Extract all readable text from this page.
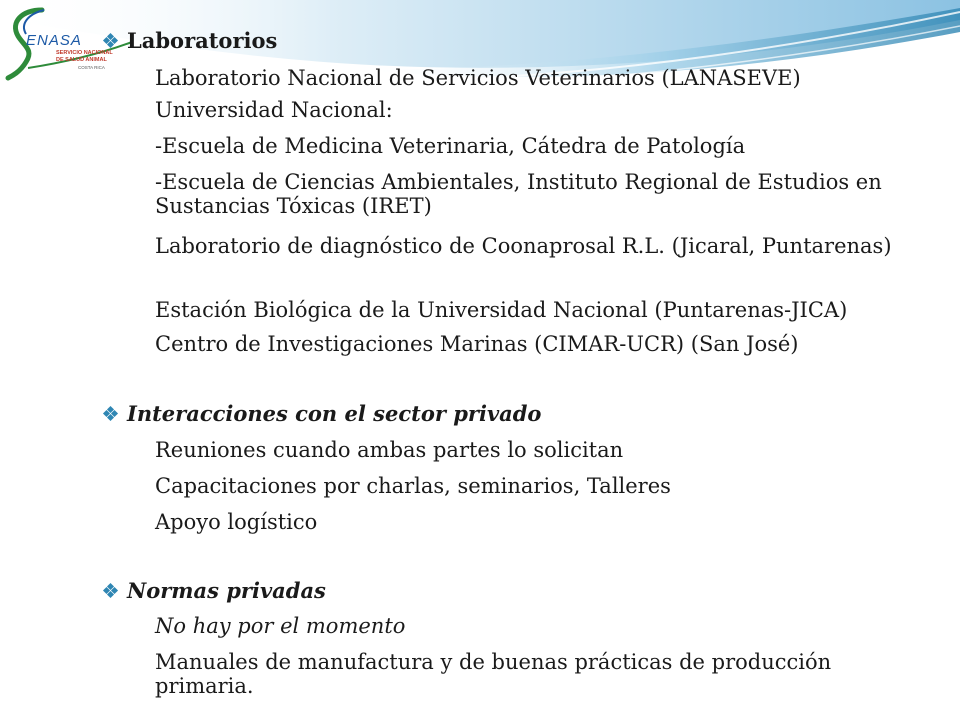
ENASA
SERVICIO NACIONAL
DE SALUD ANIMAL
COSTA RICA
Laboratorios
Laboratorio Nacional de Servicios Veterinarios (LANASEVE)
Universidad Nacional:
-Escuela de Medicina Veterinaria, Cátedra de Patología
-Escuela de Ciencias Ambientales, Instituto Regional de Estudios en Sustancias Tóxicas (IRET)
Laboratorio de diagnóstico de Coonaprosal R.L. (Jicaral, Puntarenas)
Estación Biológica de la Universidad Nacional (Puntarenas-JICA)
Centro de Investigaciones Marinas (CIMAR-UCR) (San José)
Interacciones con el sector privado
Reuniones cuando ambas partes lo solicitan
Capacitaciones por charlas, seminarios, Talleres
Apoyo logístico
Normas privadas
No hay por el momento
Manuales de manufactura y de buenas prácticas de producción primaria.
